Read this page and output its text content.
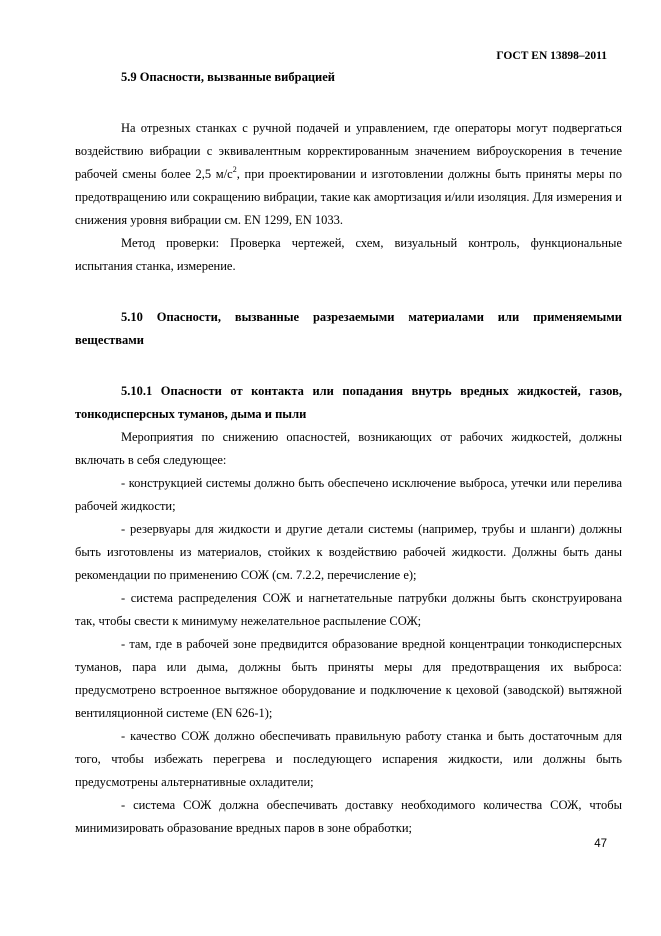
ГОСТ EN 13898–2011

5.9 Опасности, вызванные вибрацией

На отрезных станках с ручной подачей и управлением, где операторы могут подвергаться воздействию вибрации с эквивалентным корректированным значением виброускорения в течение рабочей смены более 2,5 $м/с^2$, при проектировании и изготовлении должны быть приняты меры по предотвращению или сокращению вибрации, такие как амортизация и/или изоляция. Для измерения и снижения уровня вибрации см. EN 1299, EN 1033.

Метод проверки: Проверка чертежей, схем, визуальный контроль, функциональные испытания станка, измерение.

5.10 Опасности, вызванные разрезаемыми материалами или применяемыми веществами

5.10.1 Опасности от контакта или попадания внутрь вредных жидкостей, газов, тонкодисперсных туманов, дыма и пыли

Мероприятия по снижению опасностей, возникающих от рабочих жидкостей, должны включать в себя следующее:

- конструкцией системы должно быть обеспечено исключение выброса, утечки или перелива рабочей жидкости;

- резервуары для жидкости и другие детали системы (например, трубы и шланги) должны быть изготовлены из материалов, стойких к воздействию рабочей жидкости. Должны быть даны рекомендации по применению СОЖ (см. 7.2.2, перечисление е);

- система распределения СОЖ и нагнетательные патрубки должны быть сконструирована так, чтобы свести к минимуму нежелательное распыление СОЖ;

- там, где в рабочей зоне предвидится образование вредной концентрации тонкодисперсных туманов, пара или дыма, должны быть приняты меры для предотвращения их выброса: предусмотрено встроенное вытяжное оборудование и подключение к цеховой (заводской) вытяжной вентиляционной системе (EN 626-1);

- качество СОЖ должно обеспечивать правильную работу станка и быть достаточным для того, чтобы избежать перегрева и последующего испарения жидкости, или должны быть предусмотрены альтернативные охладители;

- система СОЖ должна обеспечивать доставку необходимого количества СОЖ, чтобы минимизировать образование вредных паров в зоне обработки;

47
